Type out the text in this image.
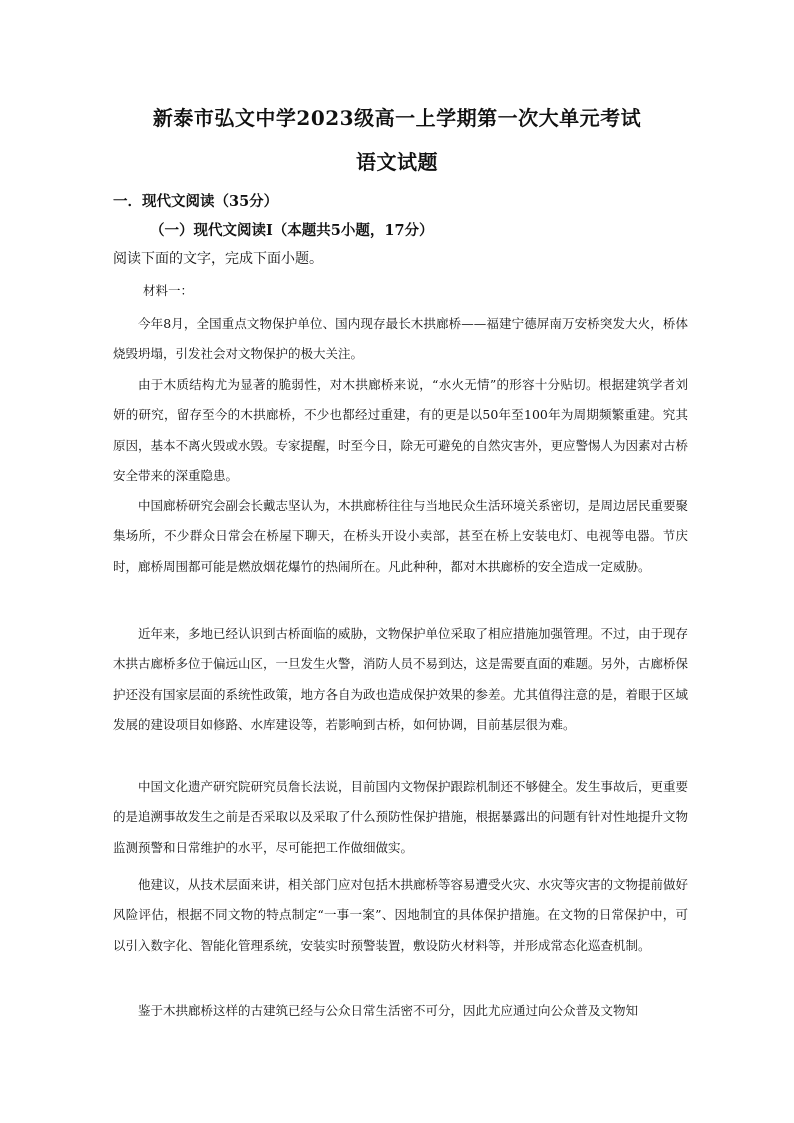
新泰市弘文中学2023级高一上学期第一次大单元考试
语文试题
一．现代文阅读（35分）
（一）现代文阅读Ⅰ（本题共5小题，17分）
阅读下面的文字，完成下面小题。
材料一：

今年8月，全国重点文物保护单位、国内现存最长木拱廊桥——福建宁德屏南万安桥突发大火，桥体烧毁坍塌，引发社会对文物保护的极大关注。

由于木质结构尤为显著的脆弱性，对木拱廊桥来说，“水火无情”的形容十分贴切。根据建筑学者刘妍的研究，留存至今的木拱廊桥，不少也都经过重建，有的更是以50年至100年为周期频繁重建。究其原因，基本不离火毁或水毁。专家提醒，时至今日，除无可避免的自然灾害外，更应警惕人为因素对古桥安全带来的深重隐患。

中国廊桥研究会副会长戴志坚认为，木拱廊桥往往与当地民众生活环境关系密切，是周边居民重要聚集场所，不少群众日常会在桥屋下聊天，在桥头开设小卖部，甚至在桥上安装电灯、电视等电器。节庆时，廊桥周围都可能是燃放烟花爆竹的热闹所在。凡此种种，都对木拱廊桥的安全造成一定威胁。

近年来，多地已经认识到古桥面临的威胁，文物保护单位采取了相应措施加强管理。不过，由于现存木拱古廊桥多位于偏远山区，一旦发生火警，消防人员不易到达，这是需要直面的难题。另外，古廊桥保护还没有国家层面的系统性政策，地方各自为政也造成保护效果的参差。尤其值得注意的是，着眼于区域发展的建设项目如修路、水库建设等，若影响到古桥，如何协调，目前基层很为难。

中国文化遗产研究院研究员詹长法说，目前国内文物保护跟踪机制还不够健全。发生事故后，更重要的是追溯事故发生之前是否采取以及采取了什么预防性保护措施，根据暴露出的问题有针对性地提升文物监测预警和日常维护的水平，尽可能把工作做细做实。

他建议，从技术层面来讲，相关部门应对包括木拱廊桥等容易遭受火灾、水灾等灾害的文物提前做好风险评估，根据不同文物的特点制定“一事一案”、因地制宜的具体保护措施。在文物的日常保护中，可以引入数字化、智能化管理系统，安装实时预警装置，敷设防火材料等，并形成常态化巡查机制。

鉴于木拱廊桥这样的古建筑已经与公众日常生活密不可分，因此尤应通过向公众普及文物知
